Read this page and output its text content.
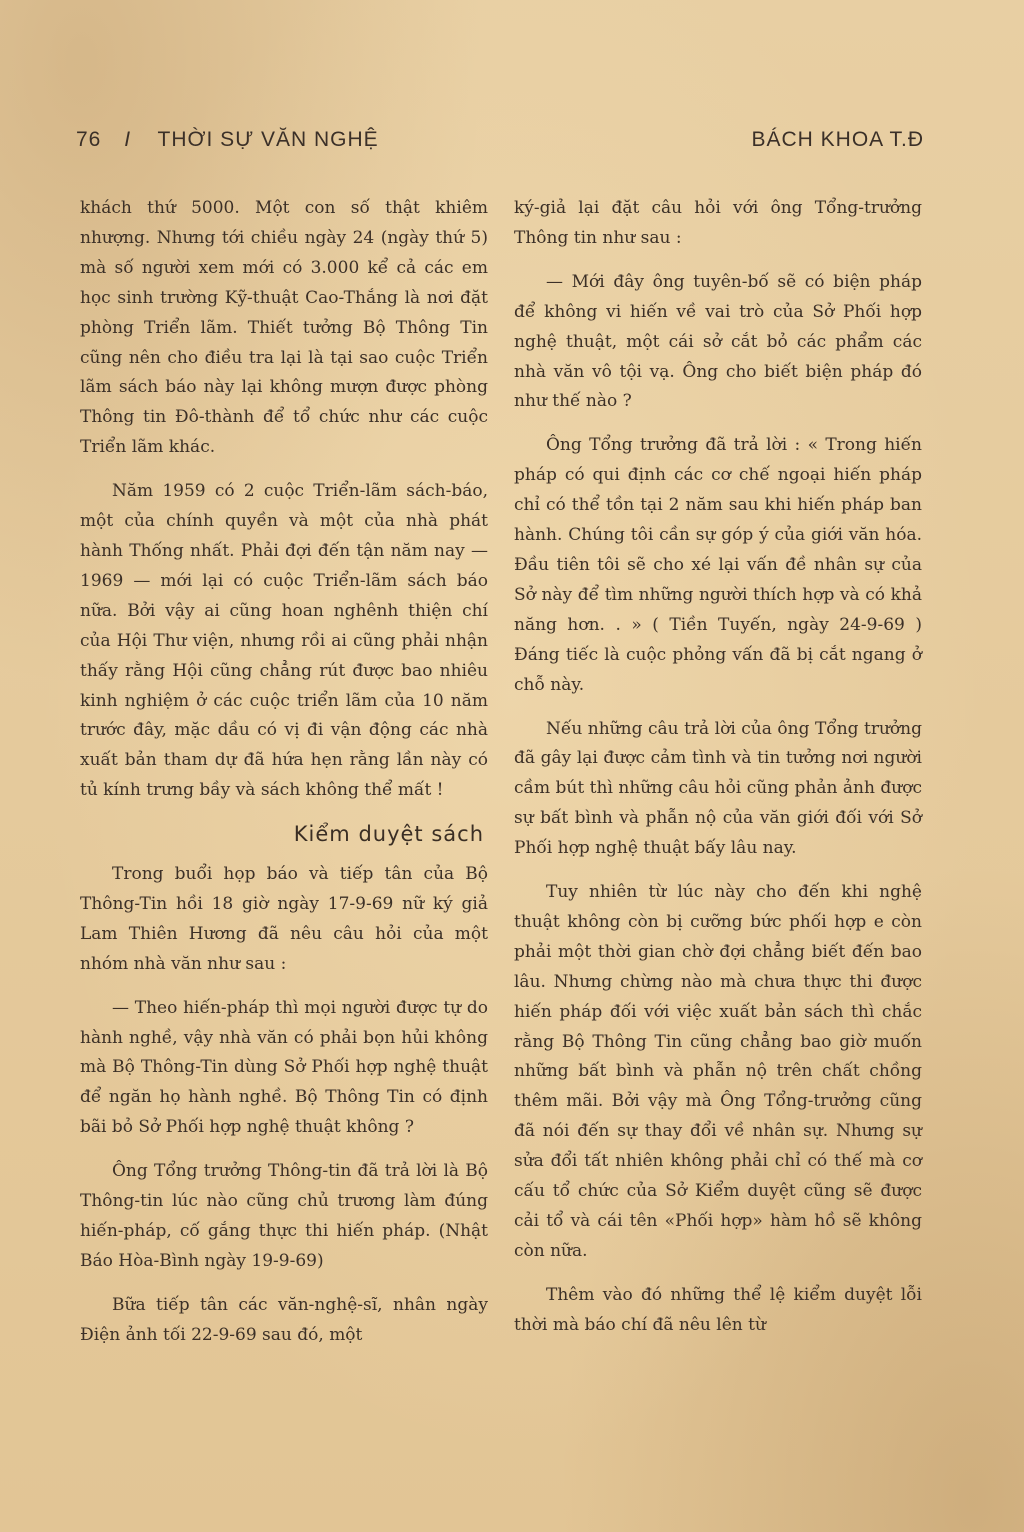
76 I THỜI SỰ VĂN NGHỆ	BÁCH KHOA T.Đ

khách thứ 5000. Một con số thật khiêm nhượng. Nhưng tới chiều ngày 24 (ngày thứ 5) mà số người xem mới có 3.000 kể cả các em học sinh trường Kỹ-thuật Cao-Thắng là nơi đặt phòng Triển lãm. Thiết tưởng Bộ Thông Tin cũng nên cho điều tra lại là tại sao cuộc Triển lãm sách báo này lại không mượn được phòng Thông tin Đô-thành để tổ chức như các cuộc Triển lãm khác.

Năm 1959 có 2 cuộc Triển-lãm sách-báo, một của chính quyền và một của nhà phát hành Thống nhất. Phải đợi đến tận năm nay — 1969 — mới lại có cuộc Triển-lãm sách báo nữa. Bởi vậy ai cũng hoan nghênh thiện chí của Hội Thư viện, nhưng rồi ai cũng phải nhận thấy rằng Hội cũng chẳng rút được bao nhiêu kinh nghiệm ở các cuộc triển lãm của 10 năm trước đây, mặc dầu có vị đi vận động các nhà xuất bản tham dự đã hứa hẹn rằng lần này có tủ kính trưng bầy và sách không thể mất !

Kiểm duyệt sách

Trong buổi họp báo và tiếp tân của Bộ Thông-Tin hồi 18 giờ ngày 17-9-69 nữ ký giả Lam Thiên Hương đã nêu câu hỏi của một nhóm nhà văn như sau :

— Theo hiến-pháp thì mọi người được tự do hành nghề, vậy nhà văn có phải bọn hủi không mà Bộ Thông-Tin dùng Sở Phối hợp nghệ thuật để ngăn họ hành nghề. Bộ Thông Tin có định bãi bỏ Sở Phối hợp nghệ thuật không ?

Ông Tổng trưởng Thông-tin đã trả lời là Bộ Thông-tin lúc nào cũng chủ trương làm đúng hiến-pháp, cố gắng thực thi hiến pháp. (Nhật Báo Hòa-Bình ngày 19-9-69)

Bữa tiếp tân các văn-nghệ-sĩ, nhân ngày Điện ảnh tối 22-9-69 sau đó, một

ký-giả lại đặt câu hỏi với ông Tổng-trưởng Thông tin như sau :

— Mới đây ông tuyên-bố sẽ có biện pháp để không vi hiến về vai trò của Sở Phối hợp nghệ thuật, một cái sở cắt bỏ các phẩm các nhà văn vô tội vạ. Ông cho biết biện pháp đó như thế nào ?

Ông Tổng trưởng đã trả lời : « Trong hiến pháp có qui định các cơ chế ngoại hiến pháp chỉ có thể tồn tại 2 năm sau khi hiến pháp ban hành. Chúng tôi cần sự góp ý của giới văn hóa. Đầu tiên tôi sẽ cho xé lại vấn đề nhân sự của Sở này để tìm những người thích hợp và có khả năng hơn. . » ( Tiền Tuyến, ngày 24-9-69 ) Đáng tiếc là cuộc phỏng vấn đã bị cắt ngang ở chỗ này.

Nếu những câu trả lời của ông Tổng trưởng đã gây lại được cảm tình và tin tưởng nơi người cầm bút thì những câu hỏi cũng phản ảnh được sự bất bình và phẫn nộ của văn giới đối với Sở Phối hợp nghệ thuật bấy lâu nay.

Tuy nhiên từ lúc này cho đến khi nghệ thuật không còn bị cưỡng bức phối hợp e còn phải một thời gian chờ đợi chẳng biết đến bao lâu. Nhưng chừng nào mà chưa thực thi được hiến pháp đối với việc xuất bản sách thì chắc rằng Bộ Thông Tin cũng chẳng bao giờ muốn những bất bình và phẫn nộ trên chất chồng thêm mãi. Bởi vậy mà Ông Tổng-trưởng cũng đã nói đến sự thay đổi về nhân sự. Nhưng sự sửa đổi tất nhiên không phải chỉ có thế mà cơ cấu tổ chức của Sở Kiểm duyệt cũng sẽ được cải tổ và cái tên «Phối hợp» hàm hồ sẽ không còn nữa.

Thêm vào đó những thể lệ kiểm duyệt lỗi thời mà báo chí đã nêu lên từ
